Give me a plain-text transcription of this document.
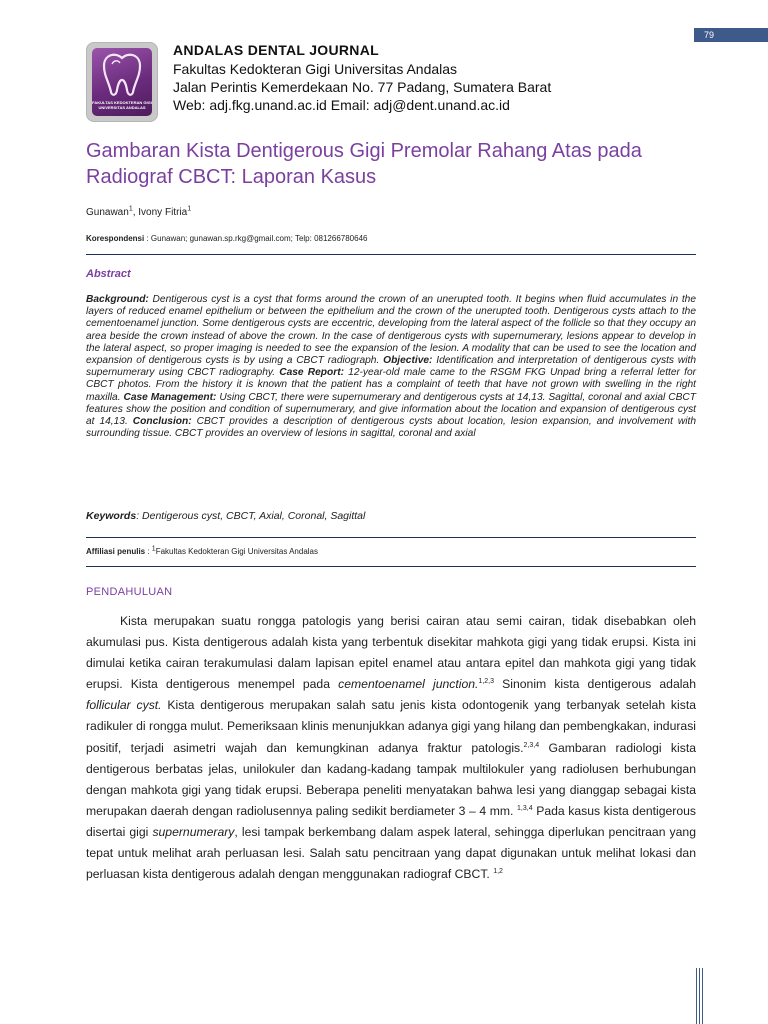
79
FAKULTAS KEDOKTERAN GIGI
UNIVERSITAS ANDALAS
ANDALAS DENTAL JOURNAL
Fakultas Kedokteran Gigi Universitas Andalas
Jalan Perintis Kemerdekaan No. 77 Padang, Sumatera Barat
Web: adj.fkg.unand.ac.id Email: adj@dent.unand.ac.id
Gambaran Kista Dentigerous Gigi Premolar Rahang Atas pada
Radiograf CBCT: Laporan Kasus
Gunawan$^1$, Ivony Fitria$^1$
Korespondensi : Gunawan; gunawan.sp.rkg@gmail.com; Telp: 081266780646
Abstract
Background: Dentigerous cyst is a cyst that forms around the crown of an unerupted tooth. It begins when fluid accumulates in the layers of reduced enamel epithelium or between the epithelium and the crown of the unerupted tooth. Dentigerous cysts attach to the cementoenamel junction. Some dentigerous cysts are eccentric, developing from the lateral aspect of the follicle so that they occupy an area beside the crown instead of above the crown. In the case of dentigerous cysts with supernumerary, lesions appear to develop in the lateral aspect, so proper imaging is needed to see the expansion of the lesion. A modality that can be used to see the location and expansion of dentigerous cysts is by using a CBCT radiograph. Objective: Identification and interpretation of dentigerous cysts with supernumerary using CBCT radiography. Case Report: 12-year-old male came to the RSGM FKG Unpad bring a referral letter for CBCT photos. From the history it is known that the patient has a complaint of teeth that have not grown with swelling in the right maxilla. Case Management: Using CBCT, there were supernumerary and dentigerous cysts at 14,13. Sagittal, coronal and axial CBCT features show the position and condition of supernumerary, and give information about the location and expansion of dentigerous cyst at 14,13. Conclusion: CBCT provides a description of dentigerous cysts about location, lesion expansion, and involvement with surrounding tissue. CBCT provides an overview of lesions in sagittal, coronal and axial
Keywords: Dentigerous cyst, CBCT, Axial, Coronal, Sagittal
Affiliasi penulis : $^1$Fakultas Kedokteran Gigi Universitas Andalas
PENDAHULUAN

Kista merupakan suatu rongga patologis yang berisi cairan atau semi cairan, tidak disebabkan oleh akumulasi pus. Kista dentigerous adalah kista yang terbentuk disekitar mahkota gigi yang tidak erupsi. Kista ini dimulai ketika cairan terakumulasi dalam lapisan epitel enamel atau antara epitel dan mahkota gigi yang tidak erupsi. Kista dentigerous menempel pada cementoenamel junction.$^{1,2,3}$ Sinonim kista dentigerous adalah follicular cyst. Kista dentigerous merupakan salah satu jenis kista odontogenik yang terbanyak setelah kista radikuler di rongga mulut. Pemeriksaan klinis menunjukkan adanya gigi yang hilang dan pembengkakan, indurasi positif, terjadi asimetri wajah dan kemungkinan adanya fraktur patologis.$^{2,3,4}$ Gambaran radiologi kista dentigerous berbatas jelas, unilokuler dan kadang-kadang tampak multilokuler yang radiolusen berhubungan dengan mahkota gigi yang tidak erupsi. Beberapa peneliti menyatakan bahwa lesi yang dianggap sebagai kista merupakan daerah dengan radiolusennya paling sedikit berdiameter 3 – 4 mm. $^{1,3,4}$ Pada kasus kista dentigerous disertai gigi supernumerary, lesi tampak berkembang dalam aspek lateral, sehingga diperlukan pencitraan yang tepat untuk melihat arah perluasan lesi. Salah satu pencitraan yang dapat digunakan untuk melihat lokasi dan perluasan kista dentigerous adalah dengan menggunakan radiograf CBCT. $^{1,2}$
